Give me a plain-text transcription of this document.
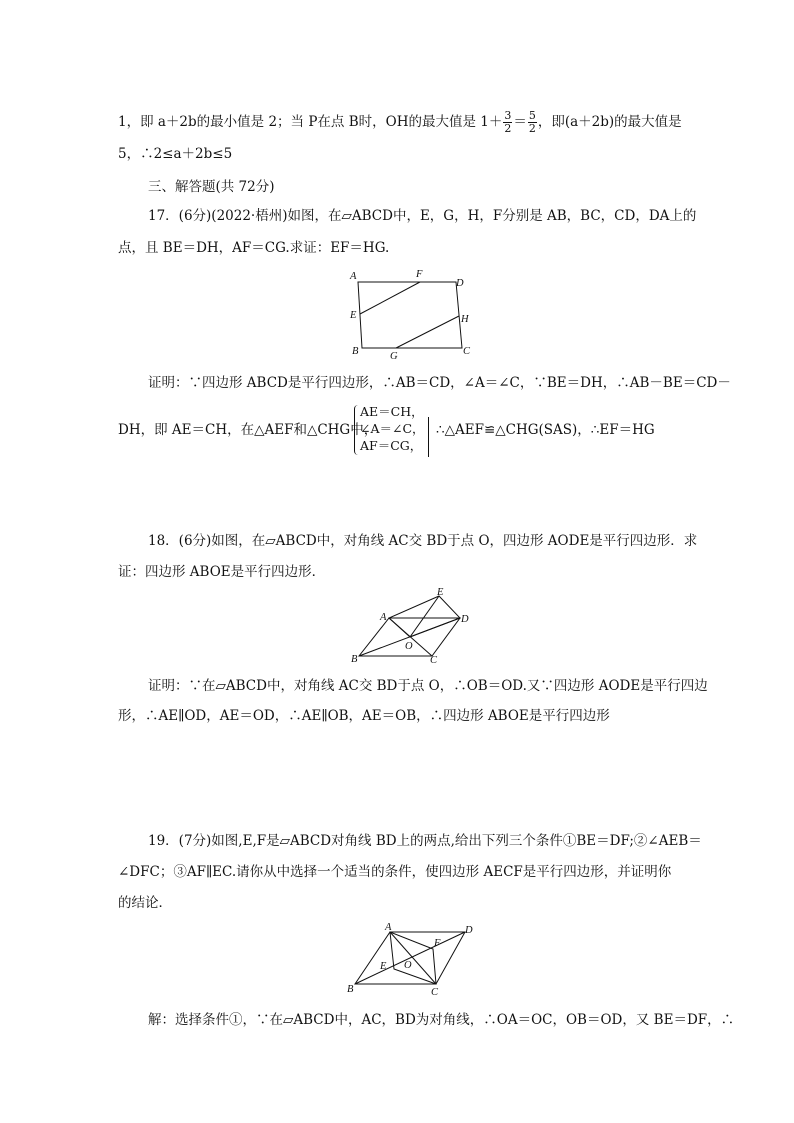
1，即 a＋2b的最小值是 2；当 P在点 B时，OH的最大值是 $1+ \frac{3}{2} = \frac{5}{2}$ ，即(a＋2b)的最大值是
5，∴2≤a＋2b≤5
三、解答题(共 72分)
17．(6分)(2022·梧州)如图，在▱ABCD中，E，G，H，F分别是 AB，BC，CD，DA上的
点，且 BE＝DH，AF＝CG.求证：EF＝HG.
A	F
D
E	H
B	G	C
证明：∵四边形 ABCD是平行四边形，∴AB＝CD，∠A＝∠C，∵BE＝DH，∴AB－BE＝CD－
DH，即 AE＝CH，在△AEF和△CHG中，
AE＝CH，
∠A＝∠C，
AF＝CG，
∴△AEF≌△CHG(SAS)，∴EF＝HG
18．(6分)如图，在▱ABCD中，对角线 AC交 BD于点 O，四边形 AODE是平行四边形．求
证：四边形 ABOE是平行四边形．
E
A	D
O
B	C
证明：∵在▱ABCD中，对角线 AC交 BD于点 O，∴OB＝OD.又∵四边形 AODE是平行四边
形，∴AE∥OD，AE＝OD，∴AE∥OB，AE＝OB，∴四边形 ABOE是平行四边形
19．(7分)如图,E,F是▱ABCD对角线 BD上的两点,给出下列三个条件①BE＝DF;②∠AEB＝
∠DFC；③AF∥EC.请你从中选择一个适当的条件，使四边形 AECF是平行四边形，并证明你
的结论．
A	D
F
E O
B	C
解：选择条件①，∵在▱ABCD中，AC，BD为对角线，∴OA＝OC，OB＝OD，又 BE＝DF，∴
